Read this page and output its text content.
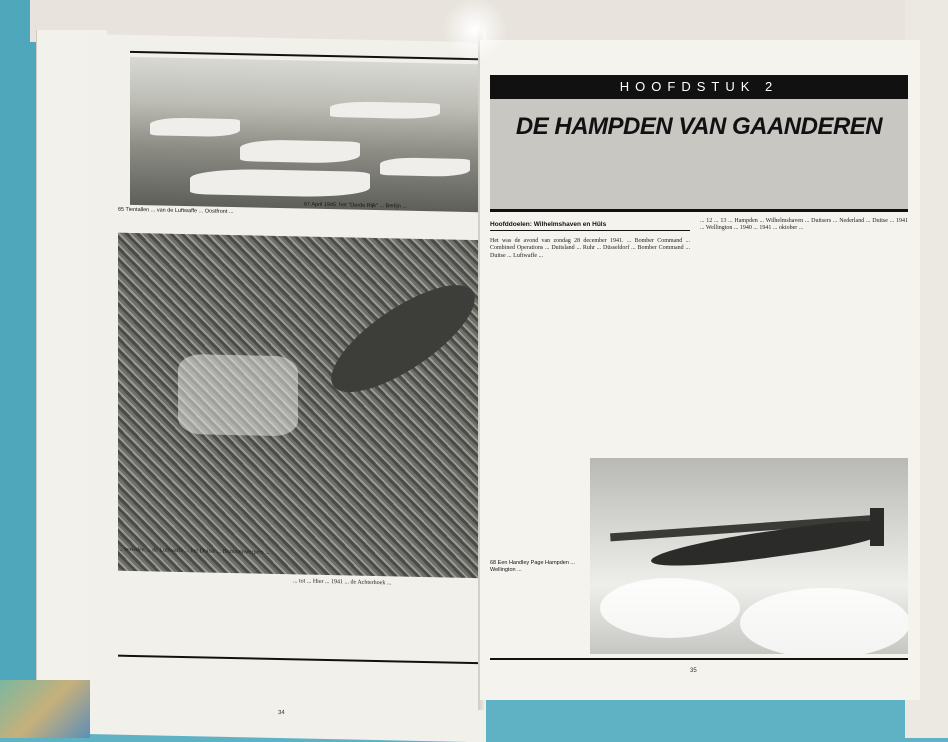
65 Tientallen ... van de Luftwaffe ... Oostfront ...
67 April 1945: het "Derde Rijk" ... Berlijn ...
... verleden ... de Luftwaffe ... het Duitse ... Bommenwerpers ...
... tot ... Hier ... 1941 ... de Achterhoek ...
34
HOOFDSTUK 2
DE HAMPDEN VAN GAANDEREN
Hoofddoelen: Wilhelmshaven en Hüls
Het was de avond van zondag 28 december 1941. ... Bomber Command ... Combined Operations ... Duitsland ... Ruhr ... Düsseldorf ... Bomber Command ... Duitse ... Luftwaffe ...
... 12 ... 13 ... Hampden ... Wilhelmshaven ... Duitsers ... Nederland ... Duitse ... 1941 ... Wellington ... 1940 ... 1941 ... oktober ...
68 Een Handley Page Hampden ... Wellington ...
35
